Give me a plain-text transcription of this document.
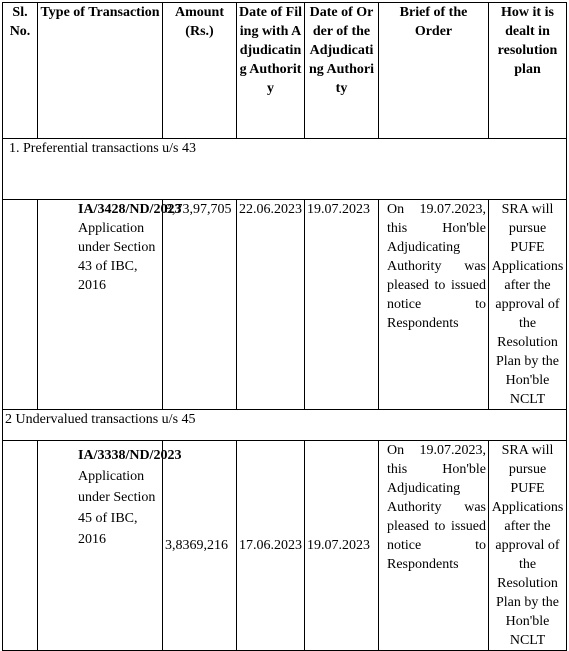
Sl. No.	Type of Transaction	Amount (Rs.)	Date of Filing with Adjudicating Authority	Date of Order of the Adjudicating Authority	Brief of the Order	How it is dealt in resolution plan
1. Preferential transactions u/s 43						

	IA/3428/ND/2023
Application under Section 43 of IBC, 2016	8,73,97,705	22.06.2023	19.07.2023	On 19.07.2023, this Hon'ble Adjudicating Authority was pleased to issued notice to Respondents	SRA will pursue PUFE Applications after the approval of the Resolution Plan by the Hon'ble NCLT
2 Undervalued transactions u/s 45						

	IA/3338/ND/2023
Application under Section 45 of IBC, 2016	3,8369,216	17.06.2023	19.07.2023	On 19.07.2023, this Hon'ble Adjudicating Authority was pleased to issued notice to Respondents	SRA will pursue PUFE Applications after the approval of the Resolution Plan by the Hon'ble NCLT
